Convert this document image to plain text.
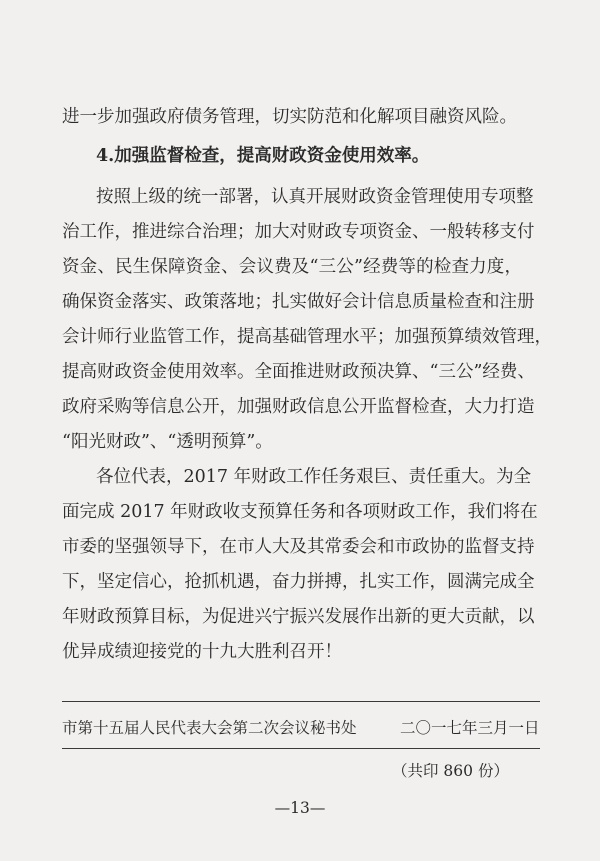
进一步加强政府债务管理，切实防范和化解项目融资风险。
4.加强监督检查，提高财政资金使用效率。
按照上级的统一部署，认真开展财政资金管理使用专项整
治工作，推进综合治理；加大对财政专项资金、一般转移支付
资金、民生保障资金、会议费及“三公”经费等的检查力度，
确保资金落实、政策落地；扎实做好会计信息质量检查和注册
会计师行业监管工作，提高基础管理水平；加强预算绩效管理，
提高财政资金使用效率。全面推进财政预决算、“三公”经费、
政府采购等信息公开，加强财政信息公开监督检查，大力打造
“阳光财政”、“透明预算”。
各位代表，2017 年财政工作任务艰巨、责任重大。为全
面完成 2017 年财政收支预算任务和各项财政工作，我们将在
市委的坚强领导下，在市人大及其常委会和市政协的监督支持
下，坚定信心，抢抓机遇，奋力拼搏，扎实工作，圆满完成全
年财政预算目标，为促进兴宁振兴发展作出新的更大贡献，以
优异成绩迎接党的十九大胜利召开！
市第十五届人民代表大会第二次会议秘书处	二〇一七年三月一日
（共印 860 份）
—13—
